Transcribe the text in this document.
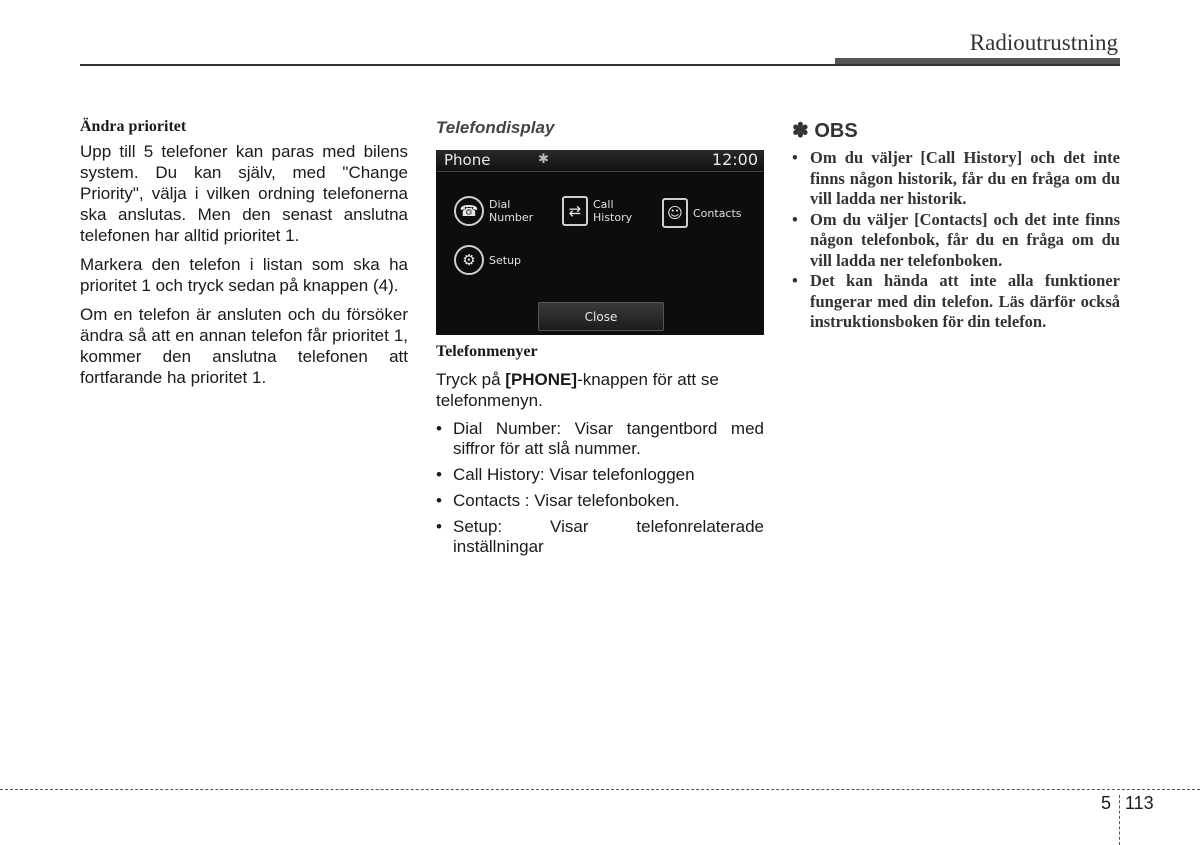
Radioutrustning

Ändra prioritet

Upp till 5 telefoner kan paras med bilens system. Du kan själv, med "Change Priority", välja i vilken ordning telefonerna ska anslutas. Men den senast anslutna telefonen har alltid prioritet 1.

Markera den telefon i listan som ska ha prioritet 1 och tryck sedan på knappen (4).

Om en telefon är ansluten och du försöker ändra så att en annan telefon får prioritet 1, kommer den anslutna telefonen att fortfarande ha prioritet 1.

Telefondisplay

Phone	✱	12:00
☎ Dial
Number	⇄	Call
History	☺ Contacts
⚙	Setup
Close

Telefonmenyer

Tryck på [PHONE]-knappen för att se telefonmenyn.

• Dial Number: Visar tangentbord med siffror för att slå nummer.
• Call History: Visar telefonloggen
• Contacts : Visar telefonboken.
• Setup: Visar telefonrelaterade inställningar

✽ OBS

• Om du väljer [Call History] och det inte finns någon historik, får du en fråga om du vill ladda ner historik.
• Om du väljer [Contacts] och det inte finns någon telefonbok, får du en fråga om du vill ladda ner telefonboken.
• Det kan hända att inte alla funktioner fungerar med din telefon. Läs därför också instruktionsboken för din telefon.
5 113
